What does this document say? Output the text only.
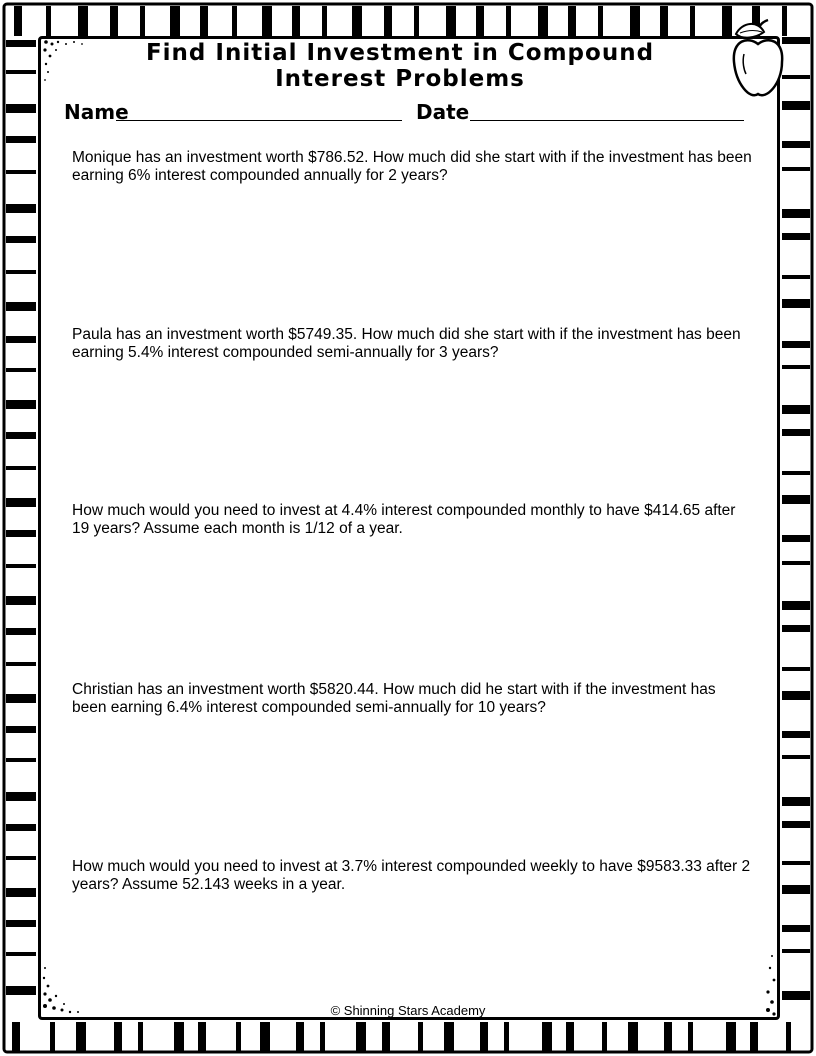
Find Initial Investment in Compound Interest Problems
Name	Date
Monique has an investment worth $786.52. How much did she start with if the investment has been earning 6% interest compounded annually for 2 years?
Paula has an investment worth $5749.35. How much did she start with if the investment has been earning 5.4% interest compounded semi-annually for 3 years?
How much would you need to invest at 4.4% interest compounded monthly to have $414.65 after 19 years? Assume each month is 1/12 of a year.
Christian has an investment worth $5820.44. How much did he start with if the investment has been earning 6.4% interest compounded semi-annually for 10 years?
How much would you need to invest at 3.7% interest compounded weekly to have $9583.33 after 2 years? Assume 52.143 weeks in a year.
© Shinning Stars Academy
